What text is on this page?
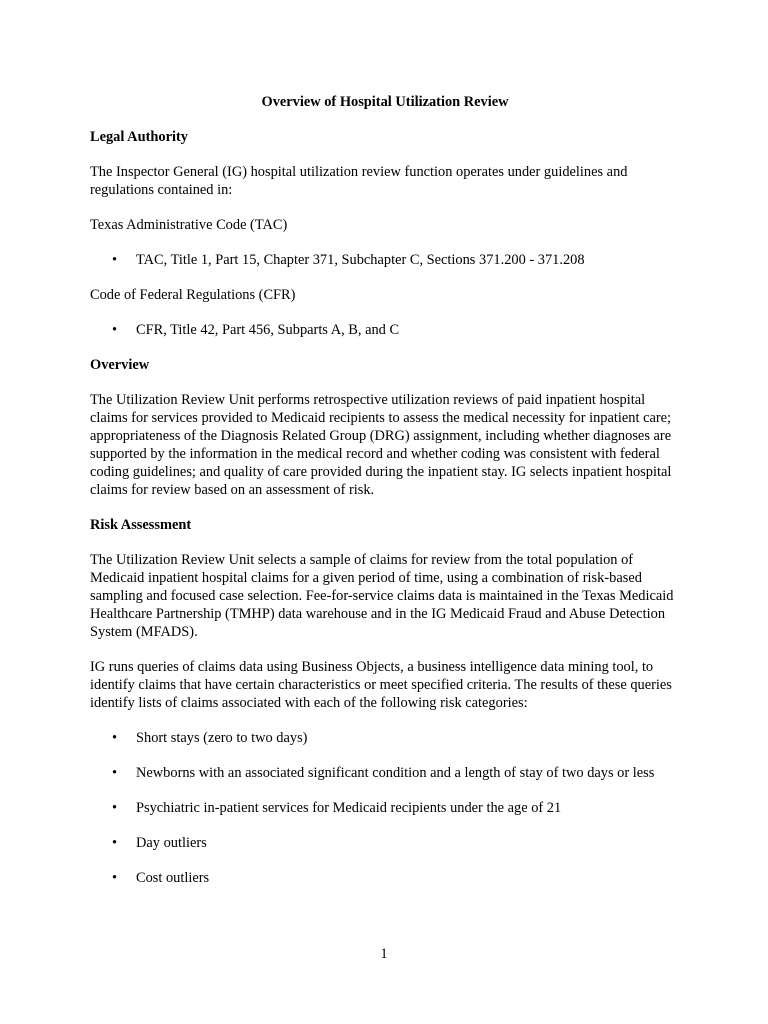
Overview of Hospital Utilization Review

Legal Authority

The Inspector General (IG) hospital utilization review function operates under guidelines and regulations contained in:

Texas Administrative Code (TAC)

• TAC, Title 1, Part 15, Chapter 371, Subchapter C, Sections 371.200 - 371.208

Code of Federal Regulations (CFR)

• CFR, Title 42, Part 456, Subparts A, B, and C

Overview

The Utilization Review Unit performs retrospective utilization reviews of paid inpatient hospital claims for services provided to Medicaid recipients to assess the medical necessity for inpatient care; appropriateness of the Diagnosis Related Group (DRG) assignment, including whether diagnoses are supported by the information in the medical record and whether coding was consistent with federal coding guidelines; and quality of care provided during the inpatient stay. IG selects inpatient hospital claims for review based on an assessment of risk.

Risk Assessment

The Utilization Review Unit selects a sample of claims for review from the total population of Medicaid inpatient hospital claims for a given period of time, using a combination of risk-based sampling and focused case selection. Fee-for-service claims data is maintained in the Texas Medicaid Healthcare Partnership (TMHP) data warehouse and in the IG Medicaid Fraud and Abuse Detection System (MFADS).

IG runs queries of claims data using Business Objects, a business intelligence data mining tool, to identify claims that have certain characteristics or meet specified criteria. The results of these queries identify lists of claims associated with each of the following risk categories:

• Short stays (zero to two days)
• Newborns with an associated significant condition and a length of stay of two days or less
• Psychiatric in-patient services for Medicaid recipients under the age of 21
• Day outliers
• Cost outliers
1
